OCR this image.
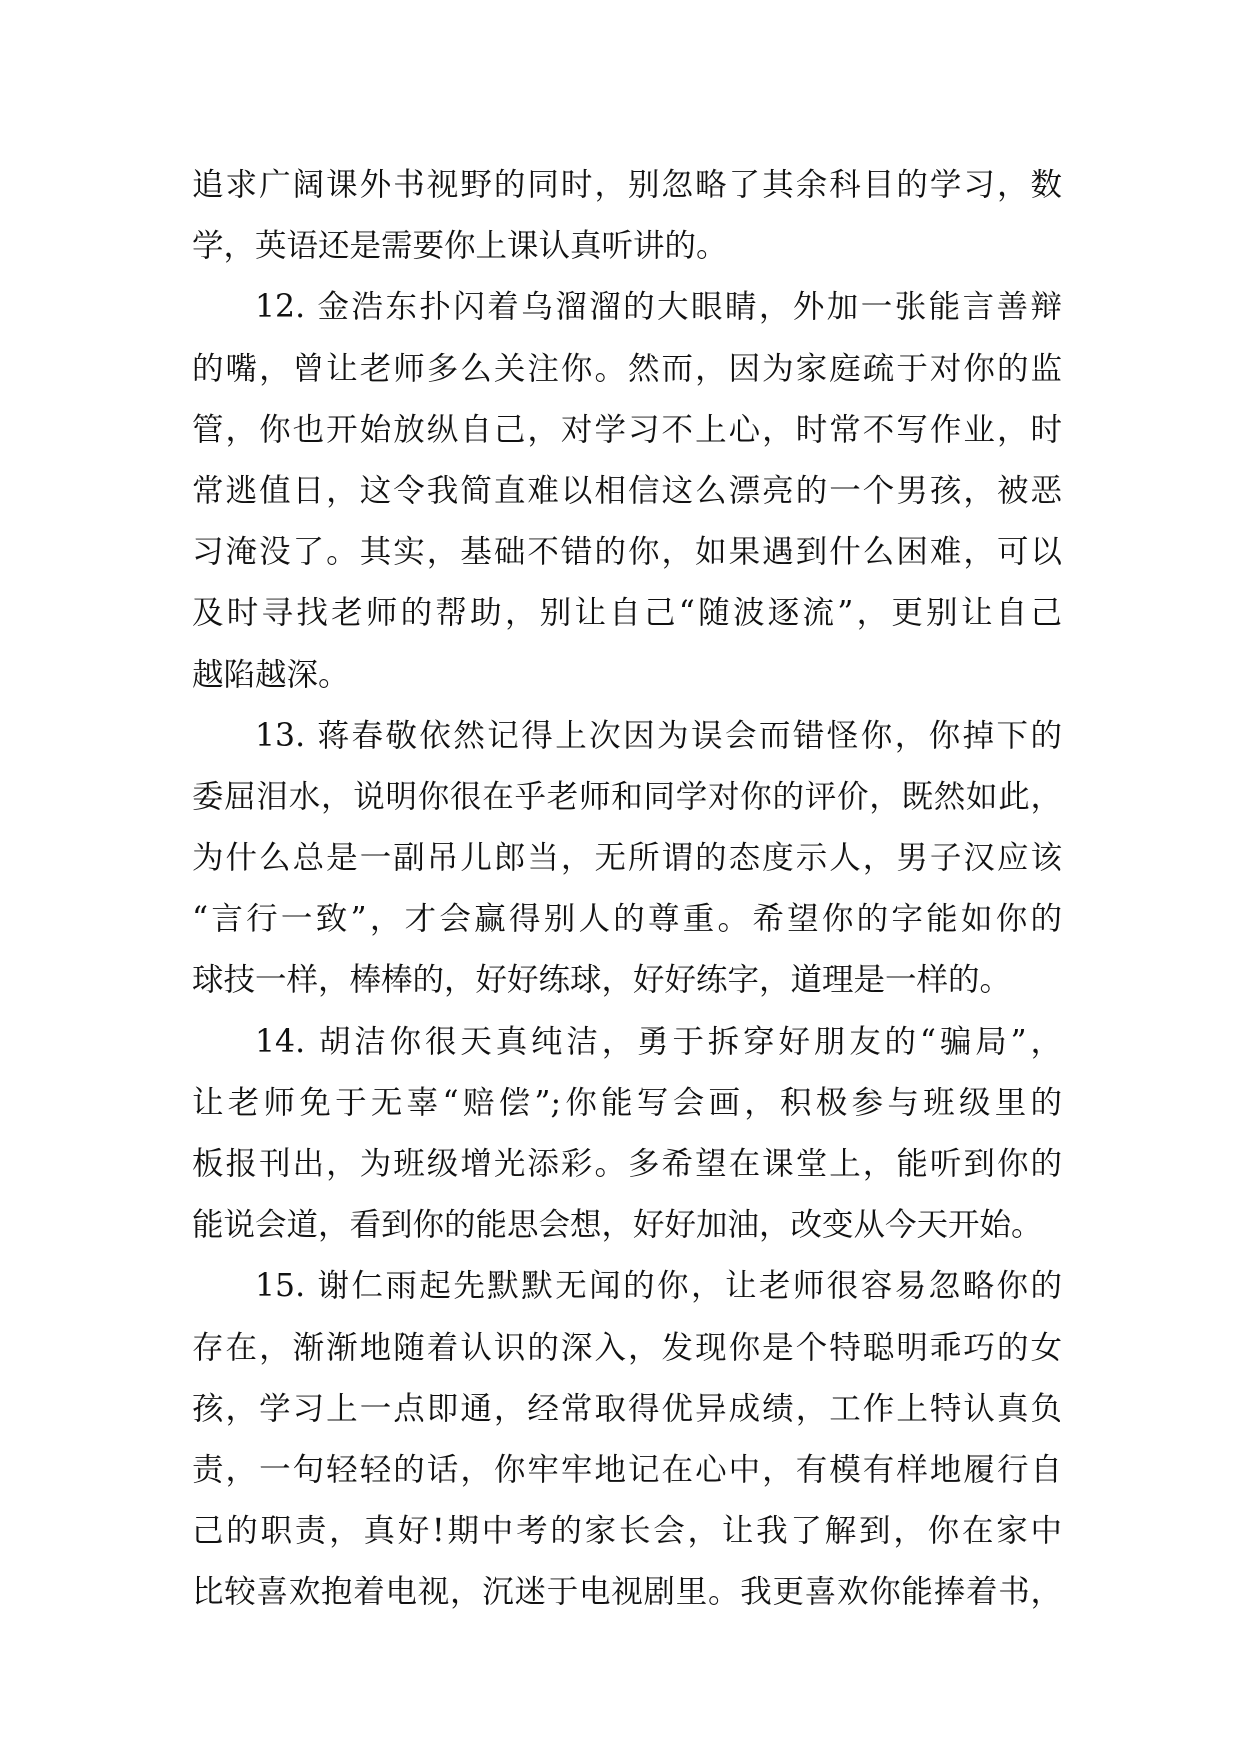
追求广阔课外书视野的同时，别忽略了其余科目的学习，数
学，英语还是需要你上课认真听讲的。
12. 金浩东扑闪着乌溜溜的大眼睛，外加一张能言善辩
的嘴，曾让老师多么关注你。然而，因为家庭疏于对你的监
管，你也开始放纵自己，对学习不上心，时常不写作业，时
常逃值日，这令我简直难以相信这么漂亮的一个男孩，被恶
习淹没了。其实，基础不错的你，如果遇到什么困难，可以
及时寻找老师的帮助，别让自己“随波逐流”，更别让自己
越陷越深。
13. 蒋春敬依然记得上次因为误会而错怪你，你掉下的
委屈泪水，说明你很在乎老师和同学对你的评价，既然如此，
为什么总是一副吊儿郎当，无所谓的态度示人，男子汉应该
“言行一致”，才会赢得别人的尊重。希望你的字能如你的
球技一样，棒棒的，好好练球，好好练字，道理是一样的。
14. 胡洁你很天真纯洁，勇于拆穿好朋友的“骗局”，
让老师免于无辜“赔偿”;你能写会画，积极参与班级里的
板报刊出，为班级增光添彩。多希望在课堂上，能听到你的
能说会道，看到你的能思会想，好好加油，改变从今天开始。
15. 谢仁雨起先默默无闻的你，让老师很容易忽略你的
存在，渐渐地随着认识的深入，发现你是个特聪明乖巧的女
孩，学习上一点即通，经常取得优异成绩，工作上特认真负
责，一句轻轻的话，你牢牢地记在心中，有模有样地履行自
己的职责，真好!期中考的家长会，让我了解到，你在家中
比较喜欢抱着电视，沉迷于电视剧里。我更喜欢你能捧着书，
